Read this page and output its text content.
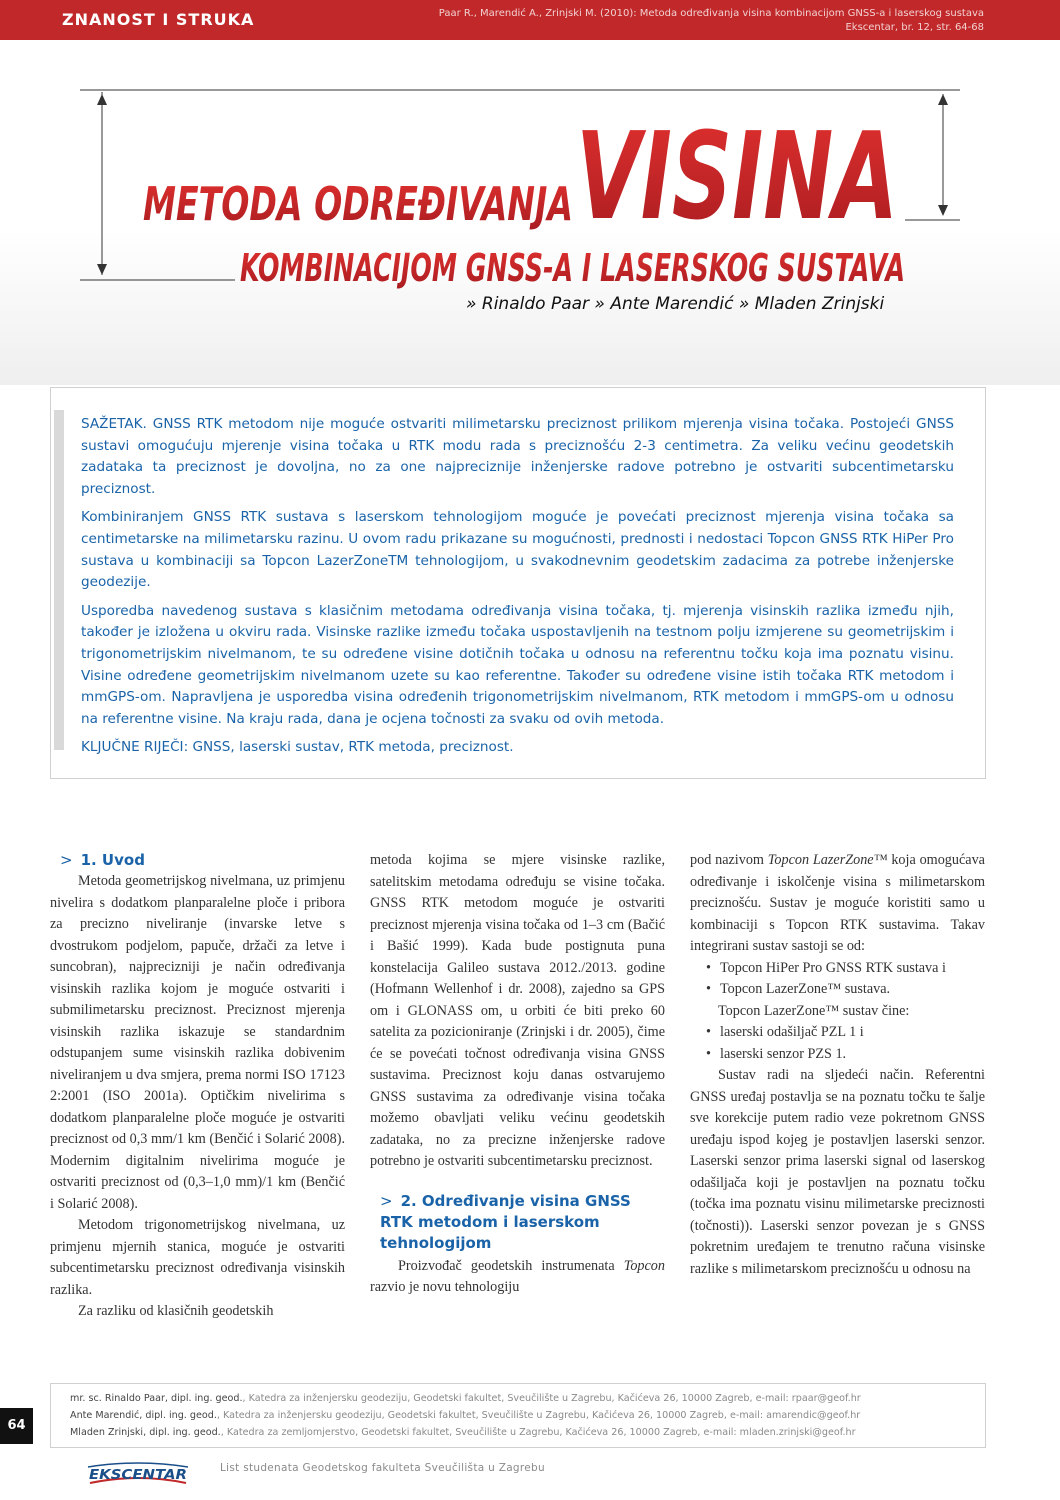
ZNANOST I STRUKA	Paar R., Marendić A., Zrinjski M. (2010): Metoda određivanja visina kombinacijom GNSS-a i laserskog sustava
Ekscentar, br. 12, str. 64-68
METODA ODREĐIVANJA VISINA
KOMBINACIJOM GNSS-A I LASERSKOG SUSTAVA
» Rinaldo Paar » Ante Marendić » Mladen Zrinjski

SAŽETAK. GNSS RTK metodom nije moguće ostvariti milimetarsku preciznost prilikom mjerenja visina točaka. Postojeći GNSS sustavi omogućuju mjerenje visina točaka u RTK modu rada s preciznošću 2-3 centimetra. Za veliku većinu geodetskih zadataka ta preciznost je dovoljna, no za one najpreciznije inženjerske radove potrebno je ostvariti subcentimetarsku preciznost.

Kombiniranjem GNSS RTK sustava s laserskom tehnologijom moguće je povećati preciznost mjerenja visina točaka sa centimetarske na milimetarsku razinu. U ovom radu prikazane su mogućnosti, prednosti i nedostaci Topcon GNSS RTK HiPer Pro sustava u kombinaciji sa Topcon LazerZoneTM tehnologijom, u svakodnevnim geodetskim zadacima za potrebe inženjerske geodezije.

Usporedba navedenog sustava s klasičnim metodama određivanja visina točaka, tj. mjerenja visinskih razlika između njih, također je izložena u okviru rada. Visinske razlike između točaka uspostavljenih na testnom polju izmjerene su geometrijskim i trigonometrijskim nivelmanom, te su određene visine dotičnih točaka u odnosu na referentnu točku koja ima poznatu visinu. Visine određene geometrijskim nivelmanom uzete su kao referentne. Također su određene visine istih točaka RTK metodom i mmGPS-om. Napravljena je usporedba visina određenih trigonometrijskim nivelmanom, RTK metodom i mmGPS-om u odnosu na referentne visine. Na kraju rada, dana je ocjena točnosti za svaku od ovih metoda.

KLJUČNE RIJEČI: GNSS, laserski sustav, RTK metoda, preciznost.

> 1. Uvod

Metoda geometrijskog nivelmana, uz primjenu nivelira s dodatkom planparalelne ploče i pribora za precizno niveliranje (invarske letve s dvostrukom podjelom, papuče, držači za letve i suncobran), najprecizniji je način određivanja visinskih razlika kojom je moguće ostvariti i submilimetarsku preciznost. Preciznost mjerenja visinskih razlika iskazuje se standardnim odstupanjem sume visinskih razlika dobivenim niveliranjem u dva smjera, prema normi ISO 17123 2:2001 (ISO 2001a). Optičkim nivelirima s dodatkom planparalelne ploče moguće je ostvariti preciznost od 0,3 mm/1 km (Benčić i Solarić 2008). Modernim digitalnim nivelirima moguće je ostvariti preciznost od (0,3–1,0 mm)/1 km (Benčić i Solarić 2008).

Metodom trigonometrijskog nivelmana, uz primjenu mjernih stanica, moguće je ostvariti subcentimetarsku preciznost određivanja visinskih razlika.

Za razliku od klasičnih geodetskih

metoda kojima se mjere visinske razlike, satelitskim metodama određuju se visine točaka. GNSS RTK metodom moguće je ostvariti preciznost mjerenja visina točaka od 1–3 cm (Bačić i Bašić 1999). Kada bude postignuta puna konstelacija Galileo sustava 2012./2013. godine (Hofmann Wellenhof i dr. 2008), zajedno sa GPS om i GLONASS om, u orbiti će biti preko 60 satelita za pozicioniranje (Zrinjski i dr. 2005), čime će se povećati točnost određivanja visina GNSS sustavima. Preciznost koju danas ostvarujemo GNSS sustavima za određivanje visina točaka možemo obavljati veliku većinu geodetskih zadataka, no za precizne inženjerske radove potrebno je ostvariti subcentimetarsku preciznost.

> 2. Određivanje visina GNSS RTK metodom i laserskom tehnologijom

Proizvođač geodetskih instrumenata Topcon razvio je novu tehnologiju

pod nazivom Topcon LazerZone™ koja omogućava određivanje i iskolčenje visina s milimetarskom preciznošću. Sustav je moguće koristiti samo u kombinaciji s Topcon RTK sustavima. Takav integrirani sustav sastoji se od:

• Topcon HiPer Pro GNSS RTK sustava i
• Topcon LazerZone™ sustava.

Topcon LazerZone™ sustav čine:

• laserski odašiljač PZL 1 i
• laserski senzor PZS 1.

Sustav radi na sljedeći način. Referentni GNSS uređaj postavlja se na poznatu točku te šalje sve korekcije putem radio veze pokretnom GNSS uređaju ispod kojeg je postavljen laserski senzor. Laserski senzor prima laserski signal od laserskog odašiljača koji je postavljen na poznatu točku (točka ima poznatu visinu milimetarske preciznosti (točnosti)). Laserski senzor povezan je s GNSS pokretnim uređajem te trenutno računa visinske razlike s milimetarskom preciznošću u odnosu na

mr. sc. Rinaldo Paar, dipl. ing. geod., Katedra za inženjersku geodeziju, Geodetski fakultet, Sveučilište u Zagrebu, Kačićeva 26, 10000 Zagreb, e-mail: rpaar@geof.hr
Ante Marendić, dipl. ing. geod., Katedra za inženjersku geodeziju, Geodetski fakultet, Sveučilište u Zagrebu, Kačićeva 26, 10000 Zagreb, e-mail: amarendic@geof.hr
Mladen Zrinjski, dipl. ing. geod., Katedra za zemljomjerstvo, Geodetski fakultet, Sveučilište u Zagrebu, Kačićeva 26, 10000 Zagreb, e-mail: mladen.zrinjski@geof.hr
64
EKSCENTAR	List studenata Geodetskog fakulteta Sveučilišta u Zagrebu
